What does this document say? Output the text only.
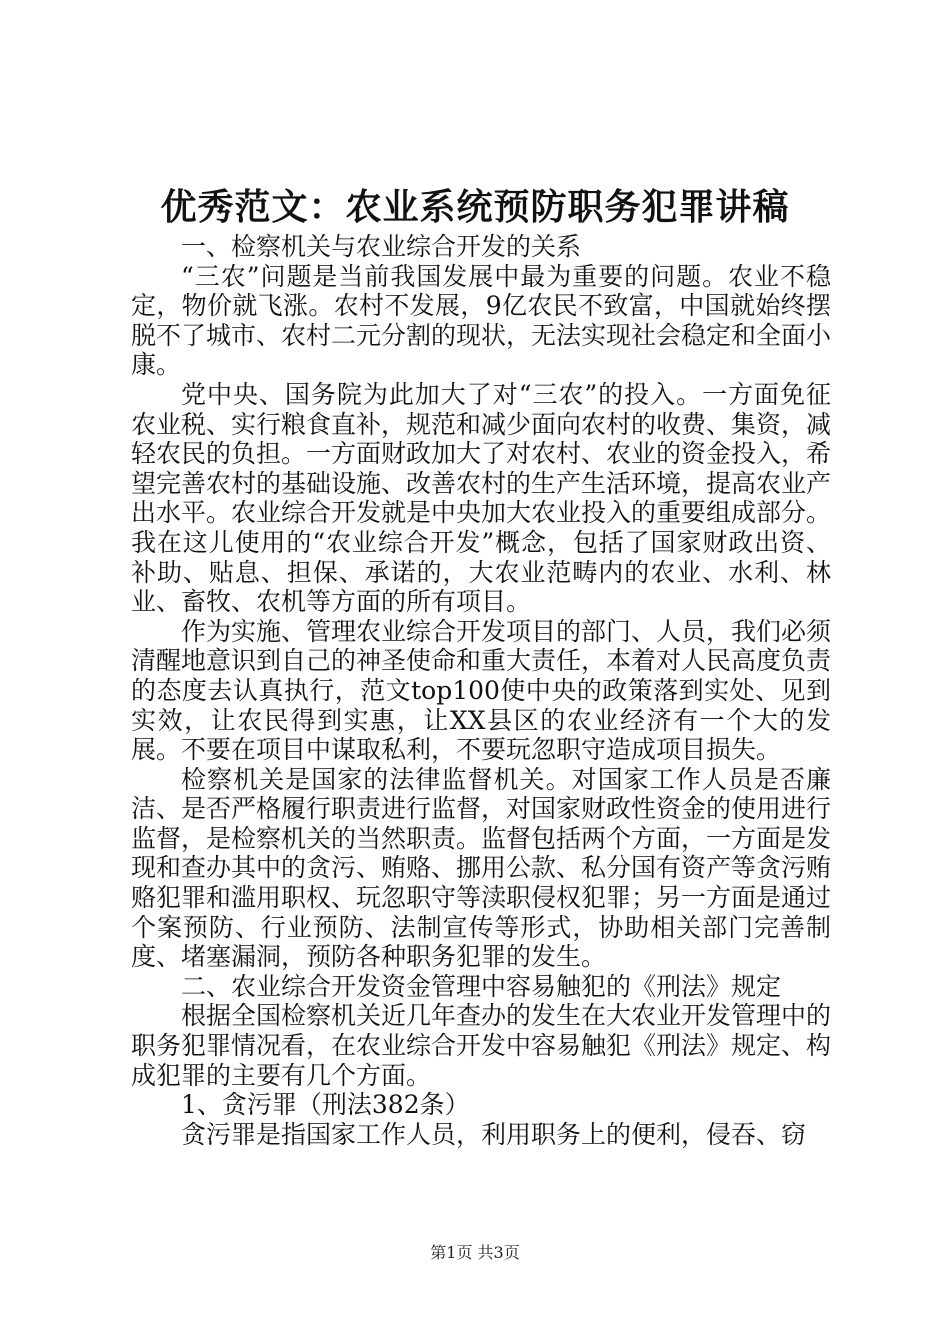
优秀范文：农业系统预防职务犯罪讲稿

一、检察机关与农业综合开发的关系

“三农”问题是当前我国发展中最为重要的问题。农业不稳定，物价就飞涨。农村不发展，9亿农民不致富，中国就始终摆脱不了城市、农村二元分割的现状，无法实现社会稳定和全面小康。

党中央、国务院为此加大了对“三农”的投入。一方面免征农业税、实行粮食直补，规范和减少面向农村的收费、集资，减轻农民的负担。一方面财政加大了对农村、农业的资金投入，希望完善农村的基础设施、改善农村的生产生活环境，提高农业产出水平。农业综合开发就是中央加大农业投入的重要组成部分。我在这儿使用的“农业综合开发”概念，包括了国家财政出资、补助、贴息、担保、承诺的，大农业范畴内的农业、水利、林业、畜牧、农机等方面的所有项目。

作为实施、管理农业综合开发项目的部门、人员，我们必须清醒地意识到自己的神圣使命和重大责任，本着对人民高度负责的态度去认真执行，范文top100使中央的政策落到实处、见到实效，让农民得到实惠，让XX县区的农业经济有一个大的发展。不要在项目中谋取私利，不要玩忽职守造成项目损失。

检察机关是国家的法律监督机关。对国家工作人员是否廉洁、是否严格履行职责进行监督，对国家财政性资金的使用进行监督，是检察机关的当然职责。监督包括两个方面，一方面是发现和查办其中的贪污、贿赂、挪用公款、私分国有资产等贪污贿赂犯罪和滥用职权、玩忽职守等渎职侵权犯罪；另一方面是通过个案预防、行业预防、法制宣传等形式，协助相关部门完善制度、堵塞漏洞，预防各种职务犯罪的发生。

二、农业综合开发资金管理中容易触犯的《刑法》规定

根据全国检察机关近几年查办的发生在大农业开发管理中的职务犯罪情况看，在农业综合开发中容易触犯《刑法》规定、构成犯罪的主要有几个方面。

1、贪污罪（刑法382条）

贪污罪是指国家工作人员，利用职务上的便利，侵吞、窃

第1页 共3页
